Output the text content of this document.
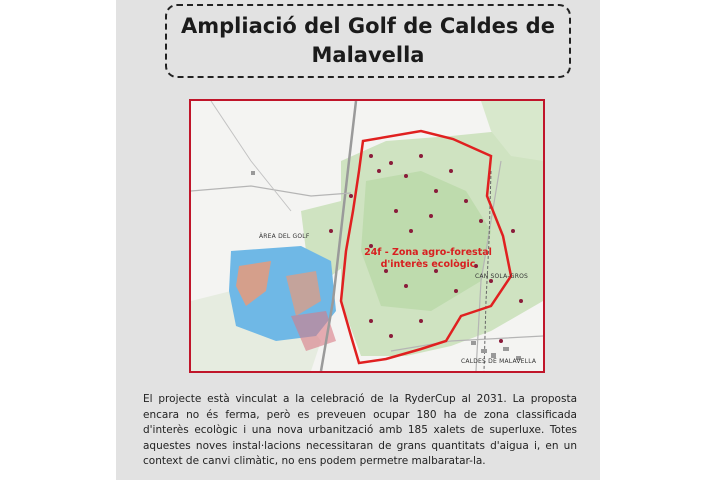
Ampliació del Golf de Caldes de Malavella
ÀREA DEL GOLF
24f - Zona agro-forestal d'interès ecològic
CAN SOLA-GROS
CALDES DE MALAVELLA

El projecte està vinculat a la celebració de la RyderCup al 2031. La proposta encara no és ferma, però es preveuen ocupar 180 ha de zona classificada d'interès ecològic i una nova urbanització amb 185 xalets de superluxe. Totes aquestes noves instal·lacions necessitaran de grans quantitats d'aigua i, en un context de canvi climàtic, no ens podem permetre malbaratar-la.
